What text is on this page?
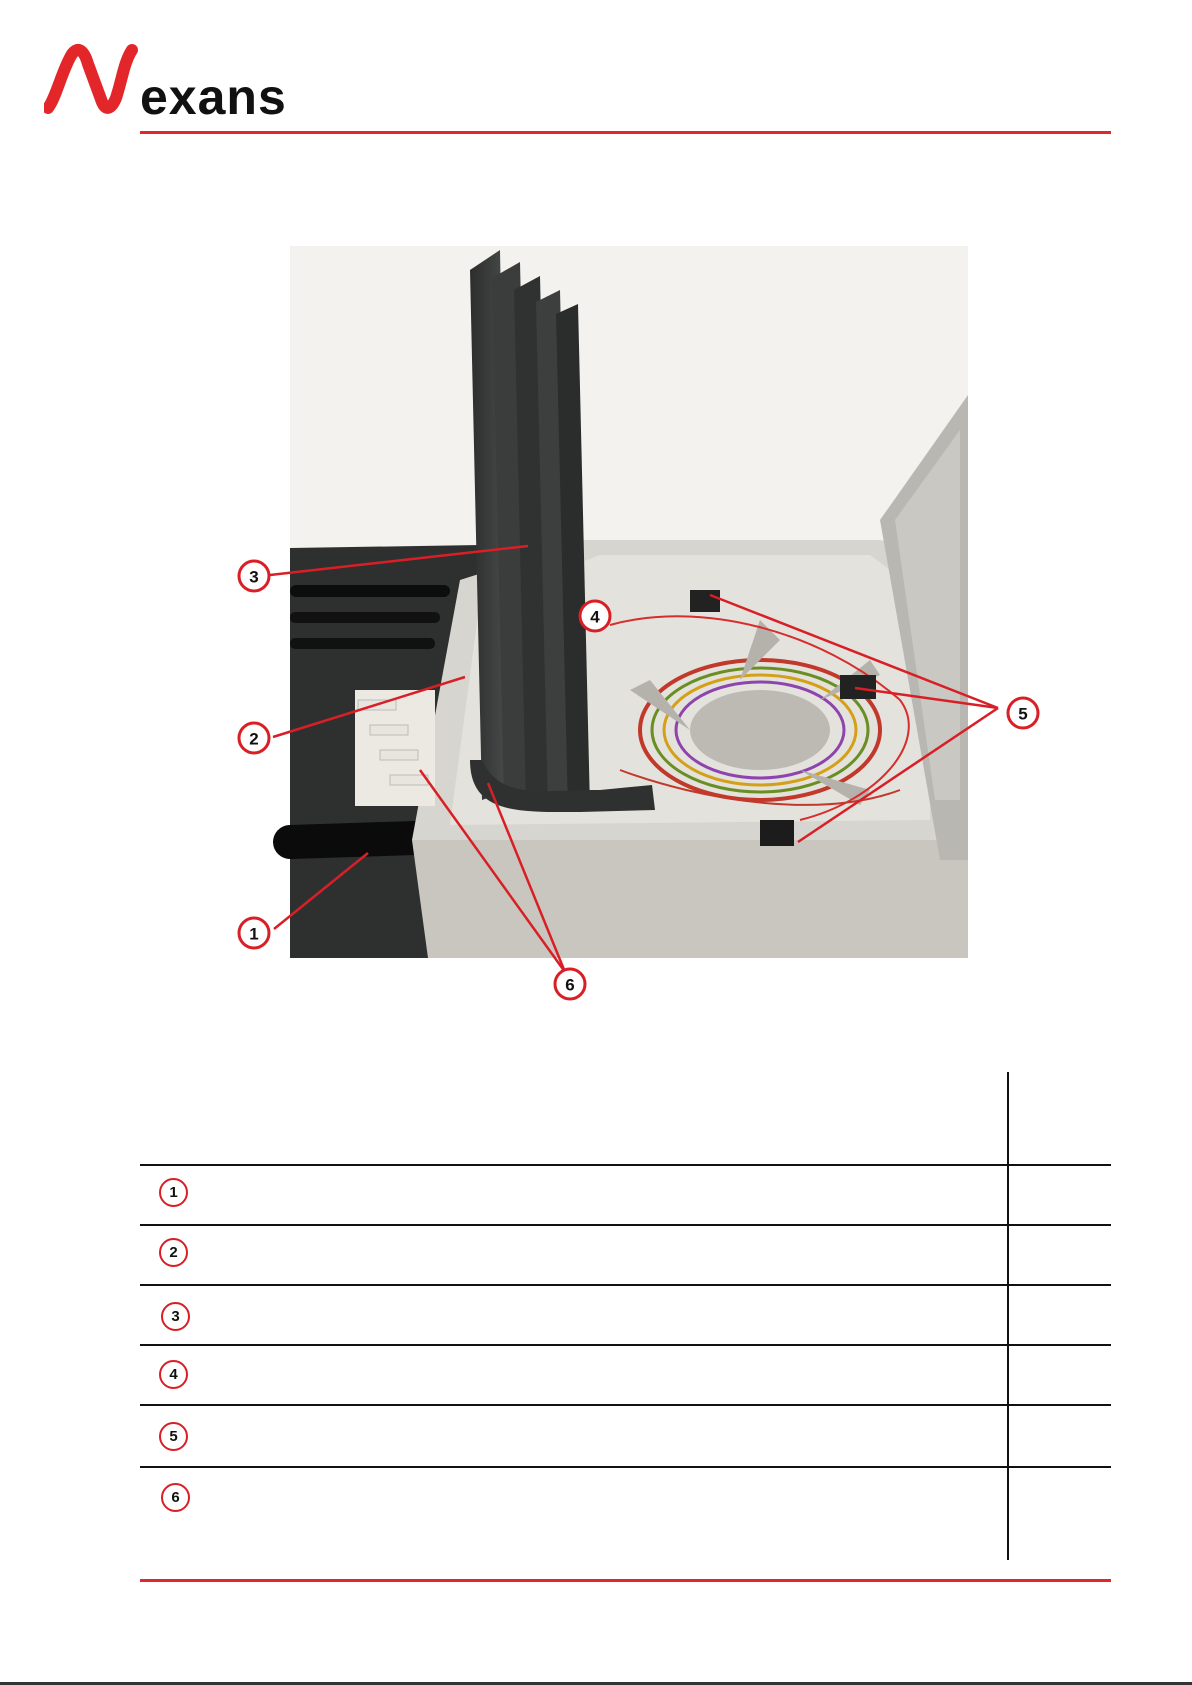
exans
3
4
2
5
1
6
1
2
3
4
5
6
